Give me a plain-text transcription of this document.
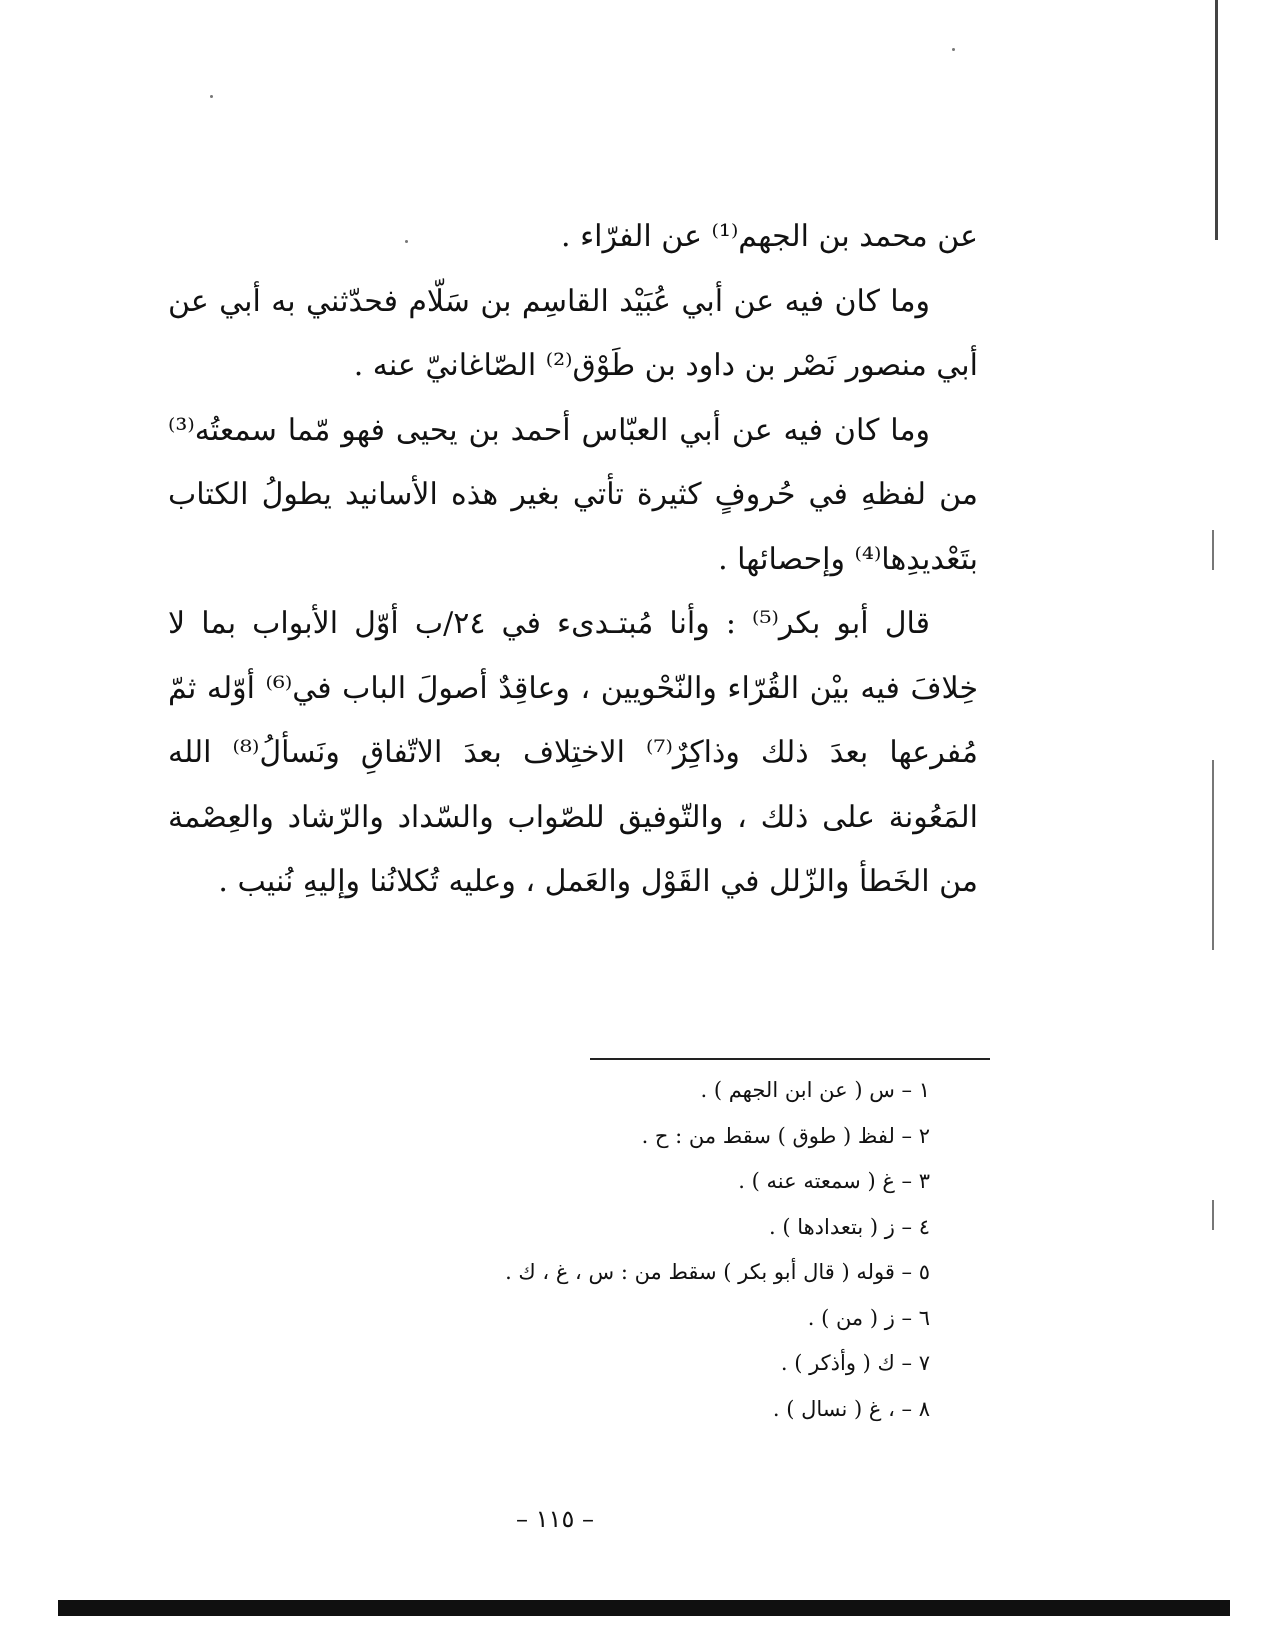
عن محمد بن الجهم⁽¹⁾ عن الفرّاء .

وما كان فيه عن أبي عُبَيْد القاسِم بن سَلّام فحدّثني به أبي عن أبي منصور نَصْر بن داود بن طَوْق⁽²⁾ الصّاغانيّ عنه .

وما كان فيه عن أبي العبّاس أحمد بن يحيى فهو مّما سمعتُه⁽³⁾ من لفظهِ في حُروفٍ كثيرة تأتي بغير هذه الأسانيد يطولُ الكتاب بتَعْديدِها⁽⁴⁾ وإحصائها .

قال أبو بكر⁽⁵⁾ : وأنا مُبتـدىء في ٢٤/ب أوّل الأبواب بما لا خِلافَ فيه بيْن القُرّاء والنّحْويين ، وعاقِدٌ أصولَ الباب في⁽⁶⁾ أوّله ثمّ مُفرعها بعدَ ذلك وذاكِرٌ⁽⁷⁾ الاختِلاف بعدَ الاتّفاقِ ونَسألُ⁽⁸⁾ الله المَعُونة على ذلك ، والتّوفيق للصّواب والسّداد والرّشاد والعِصْمة من الخَطأ والزّلل في القَوْل والعَمل ، وعليه تُكلانُنا وإليهِ نُنيب .

١ – س ( عن ابن الجهم ) .
٢ – لفظ ( طوق ) سقط من : ح .
٣ – غ ( سمعته عنه ) .
٤ – ز ( بتعدادها ) .
٥ – قوله ( قال أبو بكر ) سقط من : س ، غ ، ك .
٦ – ز ( من ) .
٧ – ك ( وأذكر ) .
٨ – ، غ ( نسال ) .
– ١١٥ –
